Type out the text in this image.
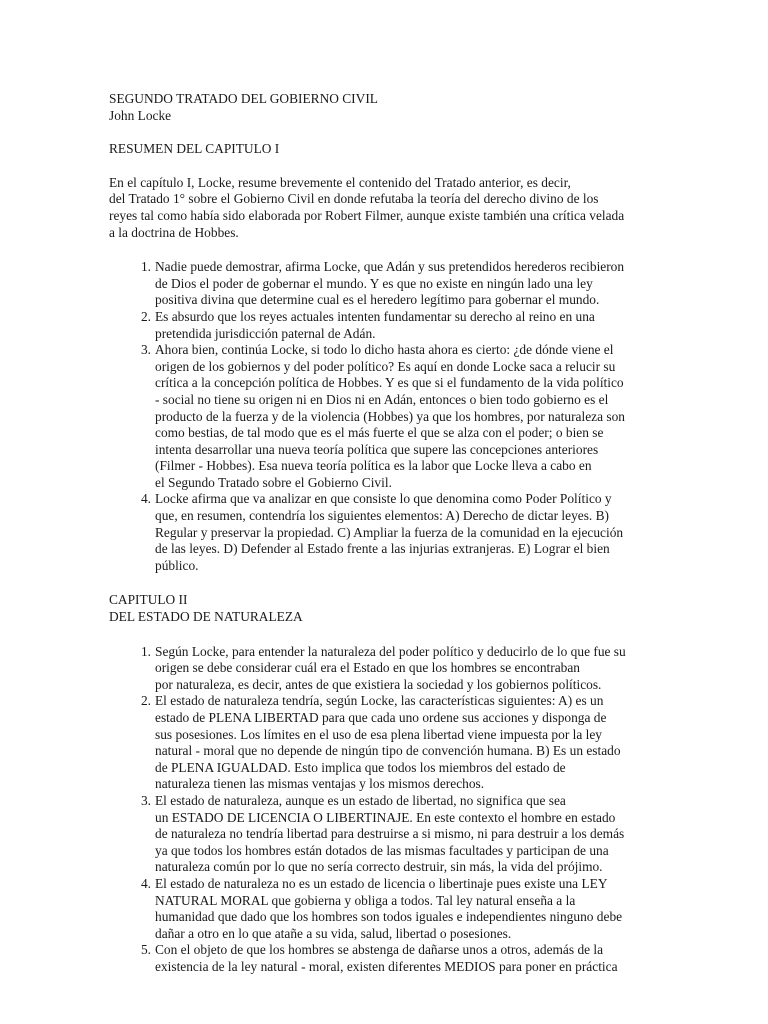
SEGUNDO TRATADO DEL GOBIERNO CIVIL
John Locke
RESUMEN DEL CAPITULO I
En el capítulo I, Locke, resume brevemente el contenido del Tratado anterior, es decir,
del Tratado 1° sobre el Gobierno Civil en donde refutaba la teoría del derecho divino de los
reyes tal como había sido elaborada por Robert Filmer, aunque existe también una crítica velada
a la doctrina de Hobbes.
1. Nadie puede demostrar, afirma Locke, que Adán y sus pretendidos herederos recibieron
de Dios el poder de gobernar el mundo. Y es que no existe en ningún lado una ley
positiva divina que determine cual es el heredero legítimo para gobernar el mundo.
2. Es absurdo que los reyes actuales intenten fundamentar su derecho al reino en una
pretendida jurisdicción paternal de Adán.
3. Ahora bien, continúa Locke, si todo lo dicho hasta ahora es cierto: ¿de dónde viene el
origen de los gobiernos y del poder político? Es aquí en donde Locke saca a relucir su
crítica a la concepción política de Hobbes. Y es que si el fundamento de la vida político
- social no tiene su origen ni en Dios ni en Adán, entonces o bien todo gobierno es el
producto de la fuerza y de la violencia (Hobbes) ya que los hombres, por naturaleza son
como bestias, de tal modo que es el más fuerte el que se alza con el poder; o bien se
intenta desarrollar una nueva teoría política que supere las concepciones anteriores
(Filmer - Hobbes). Esa nueva teoría política es la labor que Locke lleva a cabo en
el Segundo Tratado sobre el Gobierno Civil.
4. Locke afirma que va analizar en que consiste lo que denomina como Poder Político y
que, en resumen, contendría los siguientes elementos: A) Derecho de dictar leyes. B)
Regular y preservar la propiedad. C) Ampliar la fuerza de la comunidad en la ejecución
de las leyes. D) Defender al Estado frente a las injurias extranjeras. E) Lograr el bien
público.
CAPITULO II
DEL ESTADO DE NATURALEZA
1. Según Locke, para entender la naturaleza del poder político y deducirlo de lo que fue su
origen se debe considerar cuál era el Estado en que los hombres se encontraban
por naturaleza, es decir, antes de que existiera la sociedad y los gobiernos políticos.
2. El estado de naturaleza tendría, según Locke, las características siguientes: A) es un
estado de PLENA LIBERTAD para que cada uno ordene sus acciones y disponga de
sus posesiones. Los límites en el uso de esa plena libertad viene impuesta por la ley
natural - moral que no depende de ningún tipo de convención humana. B) Es un estado
de PLENA IGUALDAD. Esto implica que todos los miembros del estado de
naturaleza tienen las mismas ventajas y los mismos derechos.
3. El estado de naturaleza, aunque es un estado de libertad, no significa que sea
un ESTADO DE LICENCIA O LIBERTINAJE. En este contexto el hombre en estado
de naturaleza no tendría libertad para destruirse a si mismo, ni para destruir a los demás
ya que todos los hombres están dotados de las mismas facultades y participan de una
naturaleza común por lo que no sería correcto destruir, sin más, la vida del prójimo.
4. El estado de naturaleza no es un estado de licencia o libertinaje pues existe una LEY
NATURAL MORAL que gobierna y obliga a todos. Tal ley natural enseña a la
humanidad que dado que los hombres son todos iguales e independientes ninguno debe
dañar a otro en lo que atañe a su vida, salud, libertad o posesiones.
5. Con el objeto de que los hombres se abstenga de dañarse unos a otros, además de la
existencia de la ley natural - moral, existen diferentes MEDIOS para poner en práctica
